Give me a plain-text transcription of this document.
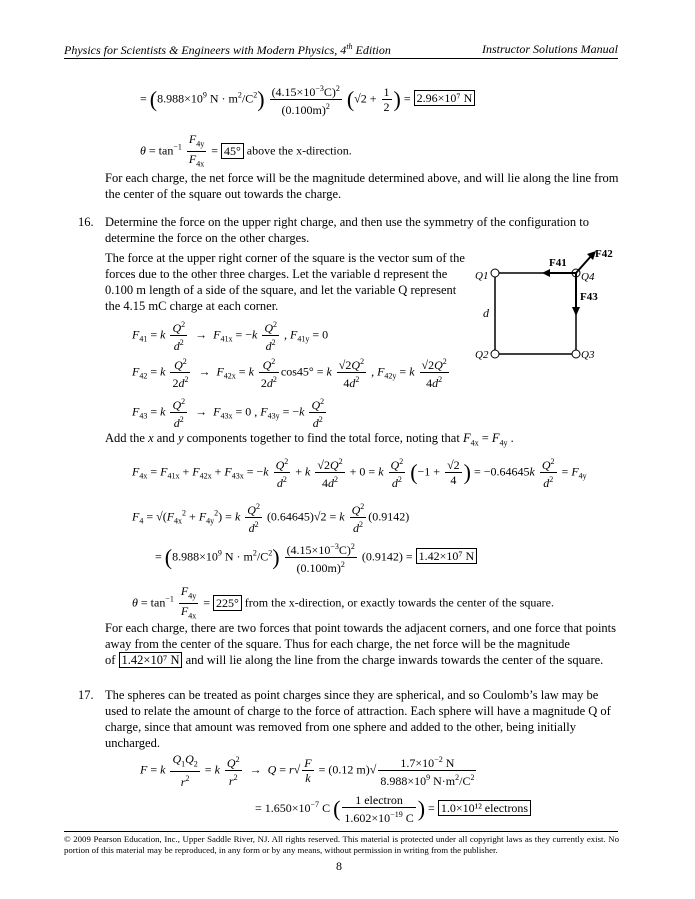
Physics for Scientists & Engineers with Modern Physics, 4th Edition	Instructor Solutions Manual
= ($8.988\times 10^9$ $N \cdot m^2/C^2) \frac{(4.15\times 10^{-3}C)^2}{(0.100m)^2} (√2 + \frac{1}{2}$ ) = 2.96×10⁷ N
$\theta = \tan^{-1} \frac{F_{4y}}{F_{4x}} = 45^\circ$ above the x-direction.
For each charge, the net force will be the magnitude determined above, and will lie along the line from the center of the square out towards the charge.
16. Determine the force on the upper right charge, and then use the symmetry of the configuration to determine the force on the other charges.
The force at the upper right corner of the square is the vector sum of the forces due to the other three charges. Let the variable d represent the 0.100 m length of a side of the square, and let the variable Q represent the 4.15 mC charge at each corner.
F42
F41
F43
Q1	Q4
Q2	Q3
d
$F_{41} = k \frac{Q^2}{d^2} \to F_{41x} = -k \frac{Q^2}{d^2}$ , $F_{41y} = 0$
$F_{42} = k \frac{Q^2}{2d^2} \to F_{42x} = k \frac{Q^2}{2d^2} \cos 45^\circ = k \frac{√2Q^2}{4d^2}$ , $F_{42y} = k \frac{√2Q^2}{4d^2}$
$F_{43} = k \frac{Q^2}{d^2} \to F_{43x} = 0$ , $F_{43y} = -k \frac{Q^2}{d^2}$
Add the x and y components together to find the total force, noting that $F_{4x} = F_{4y}$ .
$F_{4x} = F_{41x} + F_{42x} + F_{43x} = -k \frac{Q^2}{d^2} + k \frac{√2Q^2}{4d^2} + 0 = k \frac{Q^2}{d^2} (-1 + \frac{√2}{4}$ ) = $-0.64645k \frac{Q^2}{d^2} = F_{4y}$
$F_4 = √(F_{4x}^2 + F_{4y}^2) = k \frac{Q^2}{d^2} (0.64645)√2 = k \frac{Q^2}{d^2} (0.9142)$
= ($8.988\times 10^9$ $N \cdot m^2/C^2) \frac{(4.15\times 10^{-3}C)^2}{(0.100m)^2} (0.9142) = 1.42\times 10^7$ N
$\theta = \tan^{-1} \frac{F_{4y}}{F_{4x}} = 225^\circ$ from the x-direction, or exactly towards the center of the square.
For each charge, there are two forces that point towards the adjacent corners, and one force that points away from the center of the square. Thus for each charge, the net force will be the magnitude
of 1.42×10⁷ N and will lie along the line from the charge inwards towards the center of the square.
17. The spheres can be treated as point charges since they are spherical, and so Coulomb’s law may be used to relate the amount of charge to the force of attraction. Each sphere will have a magnitude Q of charge, since that amount was removed from one sphere and added to the other, being initially uncharged.
F = k $\frac{Q_1Q_2}{r^2} = k \frac{Q^2}{r^2} \to Q = r√ \frac{F}{k} = (0.12$ $m)√ \frac{1.7\times 10^{-2} N}{8.988\times 10^9 N\cdot m^2/C^2}$
= $1.650\times 10^{-7}$ C ( $\frac{\text{1 electron}}{1.602\times 10^{-19} C}$ ) = 1.0×10¹² electrons
© 2009 Pearson Education, Inc., Upper Saddle River, NJ. All rights reserved. This material is protected under all copyright laws as they currently exist. No portion of this material may be reproduced, in any form or by any means, without permission in writing from the publisher.
8
